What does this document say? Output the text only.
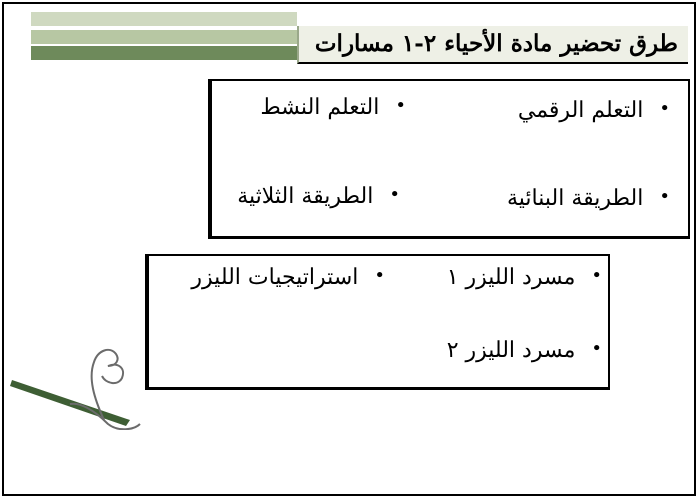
طرق تحضير مادة الأحياء ٢-١ مسارات
•التعلم الرقمي
•التعلم النشط
•الطريقة البنائية
•الطريقة الثلاثية
•مسرد الليزر ١
•استراتيجيات الليزر
•مسرد الليزر ٢
